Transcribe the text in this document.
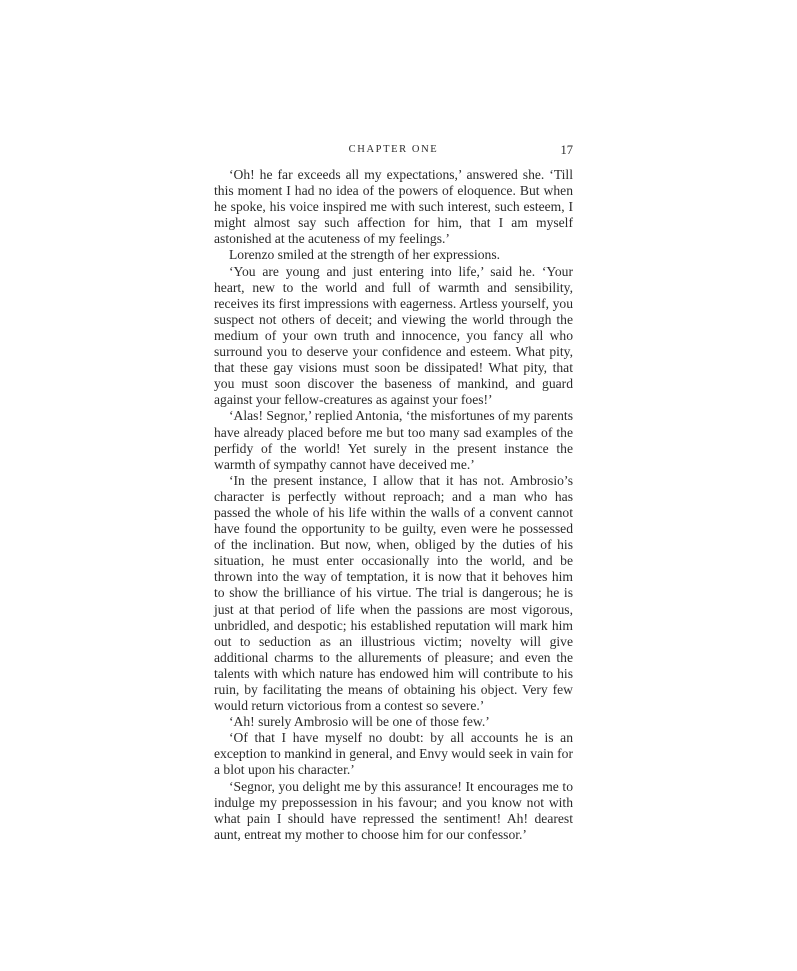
CHAPTER ONE	17

‘Oh! he far exceeds all my expectations,’ answered she. ‘Till this moment I had no idea of the powers of eloquence. But when he spoke, his voice inspired me with such interest, such esteem, I might almost say such affection for him, that I am myself astonished at the acuteness of my feelings.’

Lorenzo smiled at the strength of her expressions.

‘You are young and just entering into life,’ said he. ‘Your heart, new to the world and full of warmth and sensibility, receives its first impressions with eagerness. Artless yourself, you suspect not others of deceit; and viewing the world through the medium of your own truth and innocence, you fancy all who surround you to deserve your confidence and esteem. What pity, that these gay visions must soon be dissipated! What pity, that you must soon discover the baseness of mankind, and guard against your fellow-creatures as against your foes!’

‘Alas! Segnor,’ replied Antonia, ‘the misfortunes of my parents have already placed before me but too many sad examples of the perfidy of the world! Yet surely in the present instance the warmth of sympathy cannot have deceived me.’

‘In the present instance, I allow that it has not. Ambrosio’s character is perfectly without reproach; and a man who has passed the whole of his life within the walls of a convent cannot have found the opportunity to be guilty, even were he possessed of the inclination. But now, when, obliged by the duties of his situation, he must enter occasionally into the world, and be thrown into the way of temptation, it is now that it behoves him to show the brilliance of his virtue. The trial is dangerous; he is just at that period of life when the passions are most vigorous, unbridled, and despotic; his established reputation will mark him out to seduction as an illustrious victim; novelty will give additional charms to the allurements of pleasure; and even the talents with which nature has endowed him will contribute to his ruin, by facilitating the means of obtaining his object. Very few would return victorious from a contest so severe.’

‘Ah! surely Ambrosio will be one of those few.’

‘Of that I have myself no doubt: by all accounts he is an exception to mankind in general, and Envy would seek in vain for a blot upon his character.’

‘Segnor, you delight me by this assurance! It encourages me to indulge my prepossession in his favour; and you know not with what pain I should have repressed the sentiment! Ah! dearest aunt, entreat my mother to choose him for our confessor.’
